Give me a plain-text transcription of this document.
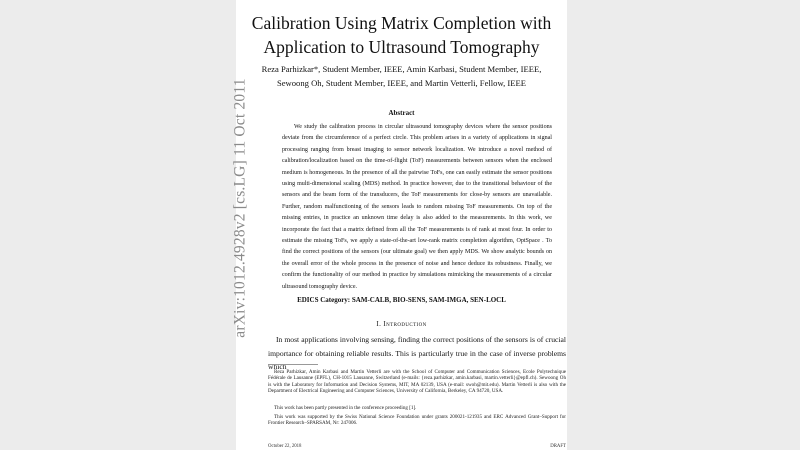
arXiv:1012.4928v2 [cs.LG] 11 Oct 2011
Calibration Using Matrix Completion with
Application to Ultrasound Tomography
Reza Parhizkar*, Student Member, IEEE, Amin Karbasi, Student Member, IEEE,
Sewoong Oh, Student Member, IEEE, and Martin Vetterli, Fellow, IEEE
Abstract
We study the calibration process in circular ultrasound tomography devices where the sensor positions deviate from the circumference of a perfect circle. This problem arises in a variety of applications in signal processing ranging from breast imaging to sensor network localization. We introduce a novel method of calibration/localization based on the time-of-flight (ToF) measurements between sensors when the enclosed medium is homogeneous. In the presence of all the pairwise ToFs, one can easily estimate the sensor positions using multi-dimensional scaling (MDS) method. In practice however, due to the transitional behaviour of the sensors and the beam form of the transducers, the ToF measurements for close-by sensors are unavailable. Further, random malfunctioning of the sensors leads to random missing ToF measurements. On top of the missing entries, in practice an unknown time delay is also added to the measurements. In this work, we incorporate the fact that a matrix defined from all the ToF measurements is of rank at most four. In order to estimate the missing ToFs, we apply a state-of-the-art low-rank matrix completion algorithm, OptSpace . To find the correct positions of the sensors (our ultimate goal) we then apply MDS. We show analytic bounds on the overall error of the whole process in the presence of noise and hence deduce its robustness. Finally, we confirm the functionality of our method in practice by simulations mimicking the measurements of a circular ultrasound tomography device.
EDICS Category: SAM-CALB, BIO-SENS, SAM-IMGA, SEN-LOCL
I. Introduction
In most applications involving sensing, finding the correct positions of the sensors is of crucial importance for obtaining reliable results. This is particularly true in the case of inverse problems which
Reza Parhizkar, Amin Karbasi and Martin Vetterli are with the School of Computer and Communication Sciences, Ecole Polytechnique Fédérale de Lausanne (EPFL), CH-1015 Lausanne, Switzerland (e-mails: {reza.parhizkar, amin.karbasi, martin.vetterli}@epfl.ch). Sewoong Oh is with the Laboratory for Information and Decision Systems, MIT, MA 02139, USA (e-mail: swoh@mit.edu). Martin Vetterli is also with the Department of Electrical Engineering and Computer Sciences, University of California, Berkeley, CA 94720, USA.
This work has been partly presented in the conference proceeding [1].
This work was supported by the Swiss National Science Foundation under grants 200021-121935 and ERC Advanced Grant–Support for Frontier Research–SPARSAM, Nr: 247006.
October 22, 2018	DRAFT
